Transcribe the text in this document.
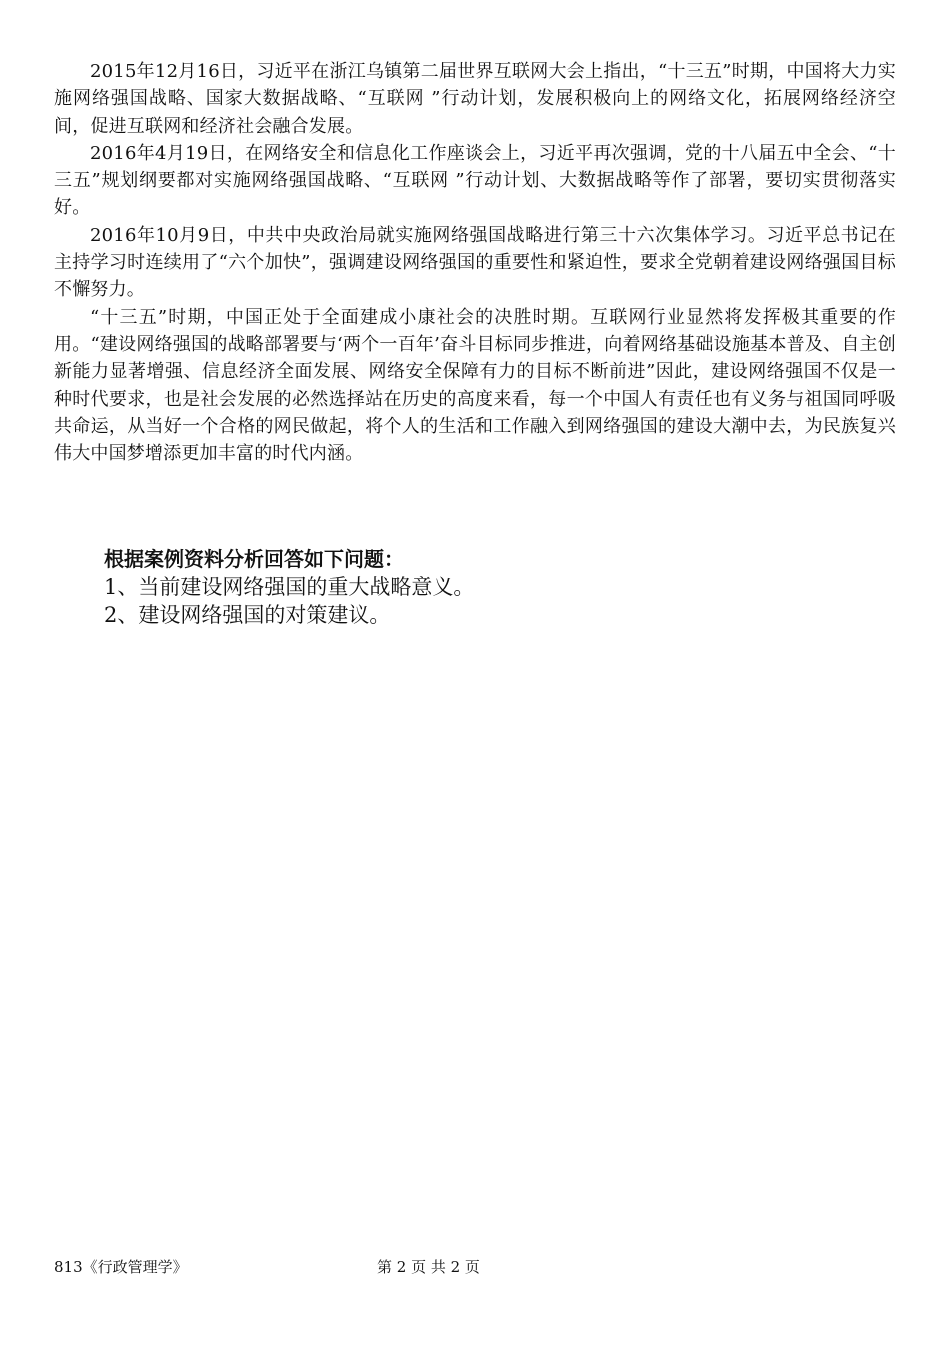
2015年12月16日，习近平在浙江乌镇第二届世界互联网大会上指出，“十三五”时期，中国将大力实施网络强国战略、国家大数据战略、“互联网 ”行动计划，发展积极向上的网络文化，拓展网络经济空间，促进互联网和经济社会融合发展。

2016年4月19日，在网络安全和信息化工作座谈会上，习近平再次强调，党的十八届五中全会、“十三五”规划纲要都对实施网络强国战略、“互联网 ”行动计划、大数据战略等作了部署，要切实贯彻落实好。

2016年10月9日，中共中央政治局就实施网络强国战略进行第三十六次集体学习。习近平总书记在主持学习时连续用了“六个加快”，强调建设网络强国的重要性和紧迫性，要求全党朝着建设网络强国目标不懈努力。

“十三五”时期，中国正处于全面建成小康社会的决胜时期。互联网行业显然将发挥极其重要的作用。“建设网络强国的战略部署要与‘两个一百年’奋斗目标同步推进，向着网络基础设施基本普及、自主创新能力显著增强、信息经济全面发展、网络安全保障有力的目标不断前进”因此，建设网络强国不仅是一种时代要求，也是社会发展的必然选择站在历史的高度来看，每一个中国人有责任也有义务与祖国同呼吸共命运，从当好一个合格的网民做起，将个人的生活和工作融入到网络强国的建设大潮中去，为民族复兴伟大中国梦增添更加丰富的时代内涵。

根据案例资料分析回答如下问题：

1、当前建设网络强国的重大战略意义。

2、建设网络强国的对策建议。

813《行政管理学》	第 2 页 共 2 页
